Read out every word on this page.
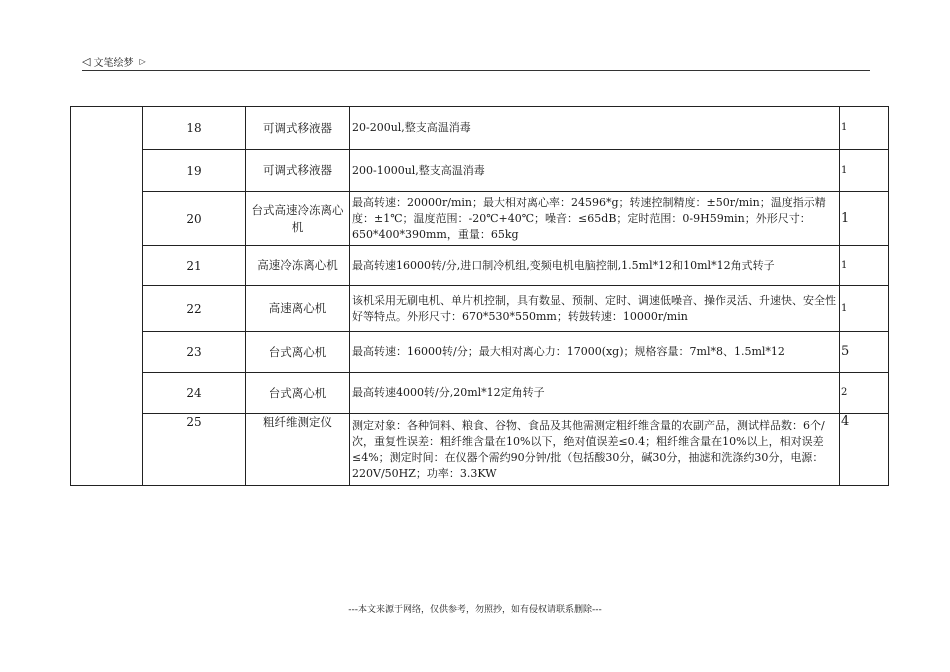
◁ 文笔绘梦 ▷
	18	可调式移液器	20-200ul,整支高温消毒	1
	19	可调式移液器	200-1000ul,整支高温消毒	1
	20	台式高速冷冻离心机	最高转速：20000r/min；最大相对离心率：24596*g；转速控制精度：±50r/min；温度指示精度：±1℃；温度范围：-20℃+40℃；噪音：≤65dB；定时范围：0-9H59min；外形尺寸：650*400*390mm，重量：65kg	1
	21	高速冷冻离心机	最高转速16000转/分,进口制冷机组,变频电机电脑控制,1.5ml*12和10ml*12角式转子	1
	22	高速离心机	该机采用无刷电机、单片机控制，具有数显、预制、定时、调速低噪音、操作灵活、升速快、安全性好等特点。外形尺寸：670*530*550mm；转鼓转速：10000r/min	1
	23	台式离心机	最高转速：16000转/分；最大相对离心力：17000(xg)；规格容量：7ml*8、1.5ml*12	5
	24	台式离心机	最高转速4000转/分,20ml*12定角转子	2
	25	粗纤维测定仪	测定对象：各种饲料、粮食、谷物、食品及其他需测定粗纤维含量的农副产品，测试样品数：6个/次，重复性误差：粗纤维含量在10%以下，绝对值误差≤0.4；粗纤维含量在10%以上，相对误差≤4%；测定时间：在仪器个需约90分钟/批（包括酸30分，碱30分，抽滤和洗涤约30分，电源：220V/50HZ；功率：3.3KW	4
---本文来源于网络，仅供参考，勿照抄，如有侵权请联系删除---
